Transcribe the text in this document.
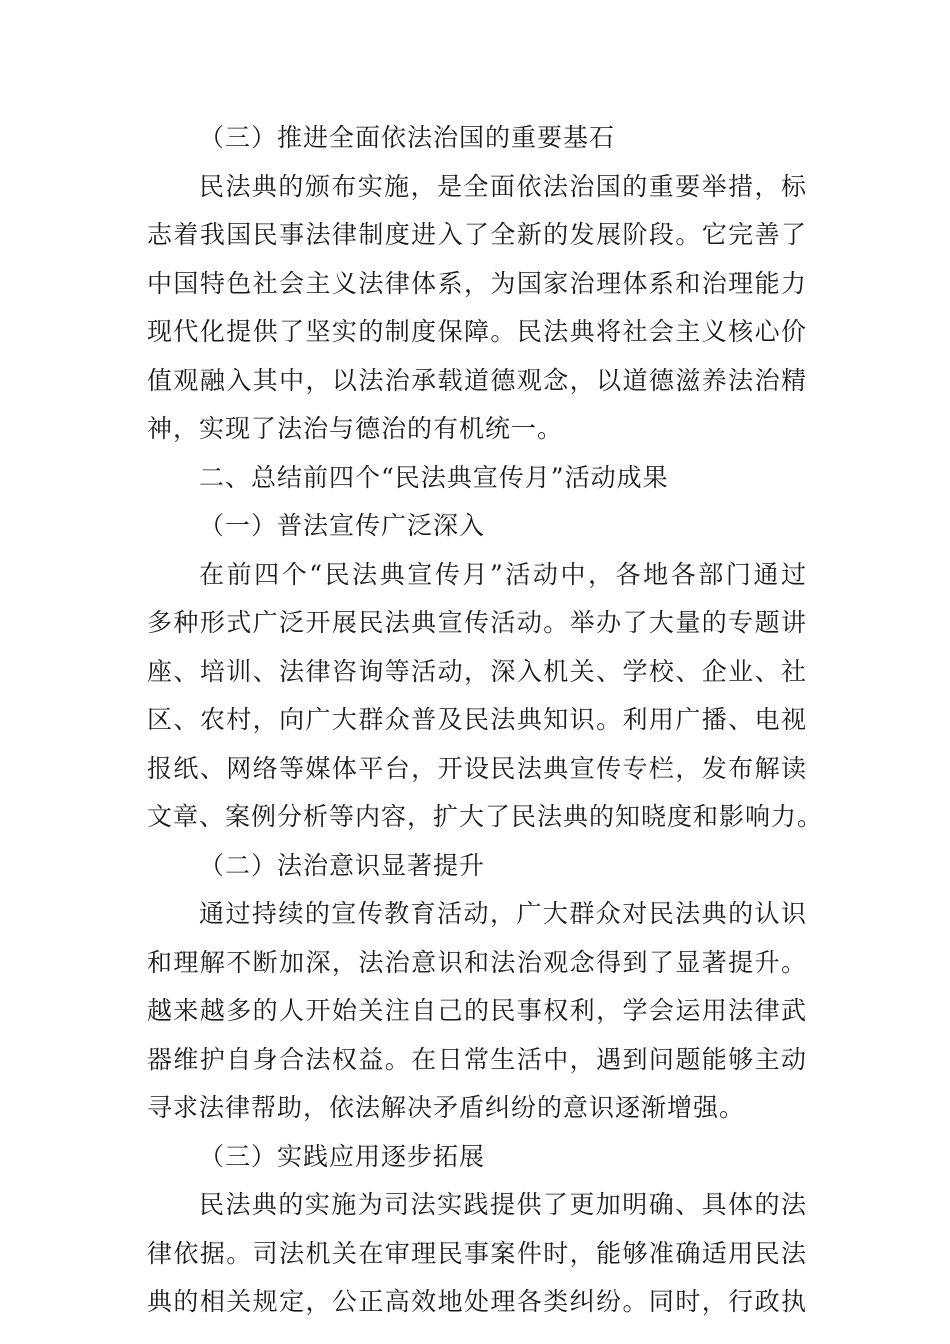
（三）推进全面依法治国的重要基石
民法典的颁布实施，是全面依法治国的重要举措，标
志着我国民事法律制度进入了全新的发展阶段。它完善了
中国特色社会主义法律体系，为国家治理体系和治理能力
现代化提供了坚实的制度保障。民法典将社会主义核心价
值观融入其中，以法治承载道德观念，以道德滋养法治精
神，实现了法治与德治的有机统一。
二、总结前四个“民法典宣传月”活动成果
（一）普法宣传广泛深入
在前四个“民法典宣传月”活动中，各地各部门通过
多种形式广泛开展民法典宣传活动。举办了大量的专题讲
座、培训、法律咨询等活动，深入机关、学校、企业、社
区、农村，向广大群众普及民法典知识。利用广播、电视
报纸、网络等媒体平台，开设民法典宣传专栏，发布解读
文章、案例分析等内容，扩大了民法典的知晓度和影响力。
（二）法治意识显著提升
通过持续的宣传教育活动，广大群众对民法典的认识
和理解不断加深，法治意识和法治观念得到了显著提升。
越来越多的人开始关注自己的民事权利，学会运用法律武
器维护自身合法权益。在日常生活中，遇到问题能够主动
寻求法律帮助，依法解决矛盾纠纷的意识逐渐增强。
（三）实践应用逐步拓展
民法典的实施为司法实践提供了更加明确、具体的法
律依据。司法机关在审理民事案件时，能够准确适用民法
典的相关规定，公正高效地处理各类纠纷。同时，行政执
